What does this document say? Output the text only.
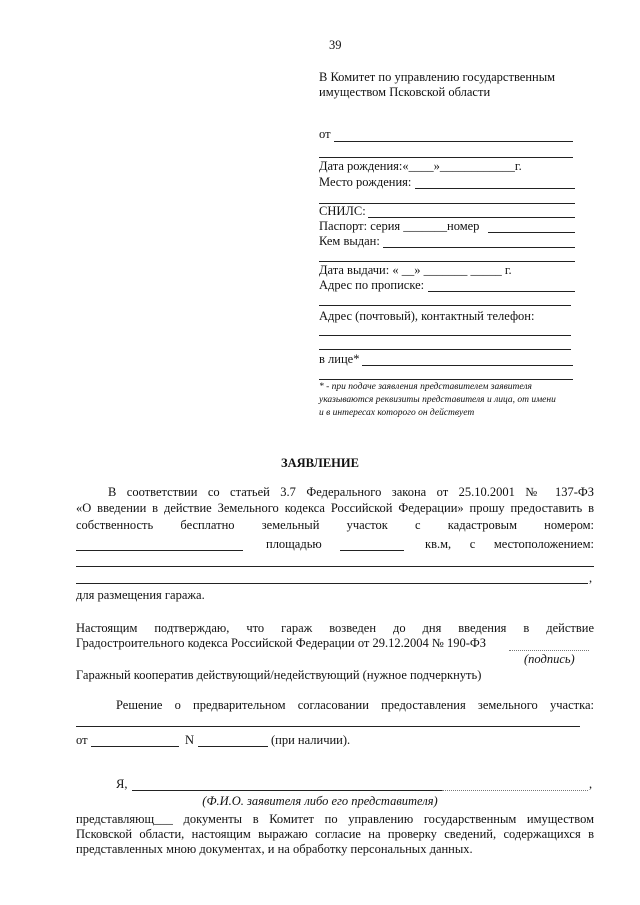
39
В Комитет по управлению государственным
имуществом Псковской области
от
Дата рождения:«____»____________г.
Место рождения:
СНИЛС:
Паспорт: серия _______номер
Кем выдан:
Дата выдачи: « __» _______ _____ г.
Адрес по прописке:
Адрес (почтовый), контактный телефон:
в лице*
* - при подаче заявления представителем заявителя
указываются реквизиты представителя и лица, от имени
и в интересах которого он действует
ЗАЯВЛЕНИЕ
В соответствии со статьей 3.7 Федерального закона от 25.10.2001 № 137-ФЗ
«О введении в действие Земельного кодекса Российской Федерации» прошу предоставить в
собственность бесплатно земельный участок с кадастровым номером:
площадью	кв.м, с местоположением:
,
для размещения гаража.
Настоящим подтверждаю, что гараж возведен до дня введения в действие
Градостроительного кодекса Российской Федерации от 29.12.2004 № 190-ФЗ
(подпись)
Гаражный кооператив действующий/недействующий (нужное подчеркнуть)
Решение о предварительном согласовании предоставления земельного участка:
от	N	(при наличии).
Я,	,
(Ф.И.О. заявителя либо его представителя)
представляющ___ документы в Комитет по управлению государственным имуществом
Псковской области, настоящим выражаю согласие на проверку сведений, содержащихся в
представленных мною документах, и на обработку персональных данных.
